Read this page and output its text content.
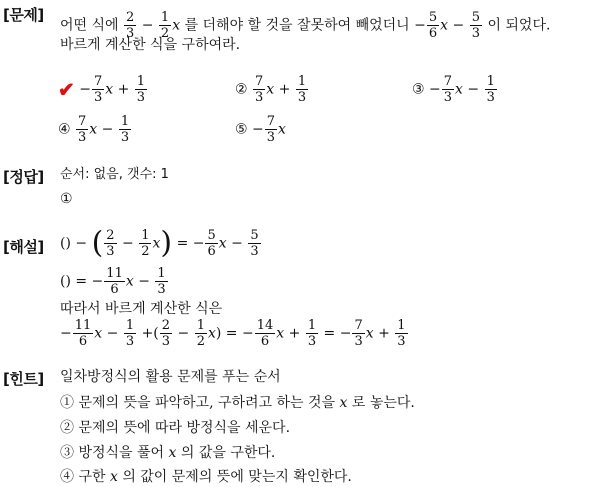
[문제]
어떤 식에 $\frac{2}{3} - \frac{1}{2}$ x 를 더해야 할 것을 잘못하여 빼었더니 − $\frac{5}{6}$ $x - \frac{5}{3}$ 이 되었다.
바르게 계산한 식을 구하여라.
✔ − $\frac{7}{3}$ $x + \frac{1}{3}$	② $\frac{7}{3}$ $x + \frac{1}{3}$	③ − $\frac{7}{3}$ $x - \frac{1}{3}$
④ $\frac{7}{3}$ $x - \frac{1}{3}$	⑤ − $\frac{7}{3}$ x
[정답] 순서: 없음, 갯수: 1
①
[해설] () − ( $\frac{2}{3} - \frac{1}{2} x$) = − $\frac{5}{6}$ $x - \frac{5}{3}$
() = − $\frac{11}{6}$ $x - \frac{1}{3}$
따라서 바르게 계산한 식은
− $\frac{11}{6}$ $x - \frac{1}{3}$ +( $\frac{2}{3} - \frac{1}{2} x$) = − $\frac{14}{6}$ $x + \frac{1}{3}$ = − $\frac{7}{3}$ $x + \frac{1}{3}$
[힌트] 일차방정식의 활용 문제를 푸는 순서
① 문제의 뜻을 파악하고, 구하려고 하는 것을 x 로 놓는다.
② 문제의 뜻에 따라 방정식을 세운다.
③ 방정식을 풀어 x 의 값을 구한다.
④ 구한 x 의 값이 문제의 뜻에 맞는지 확인한다.
